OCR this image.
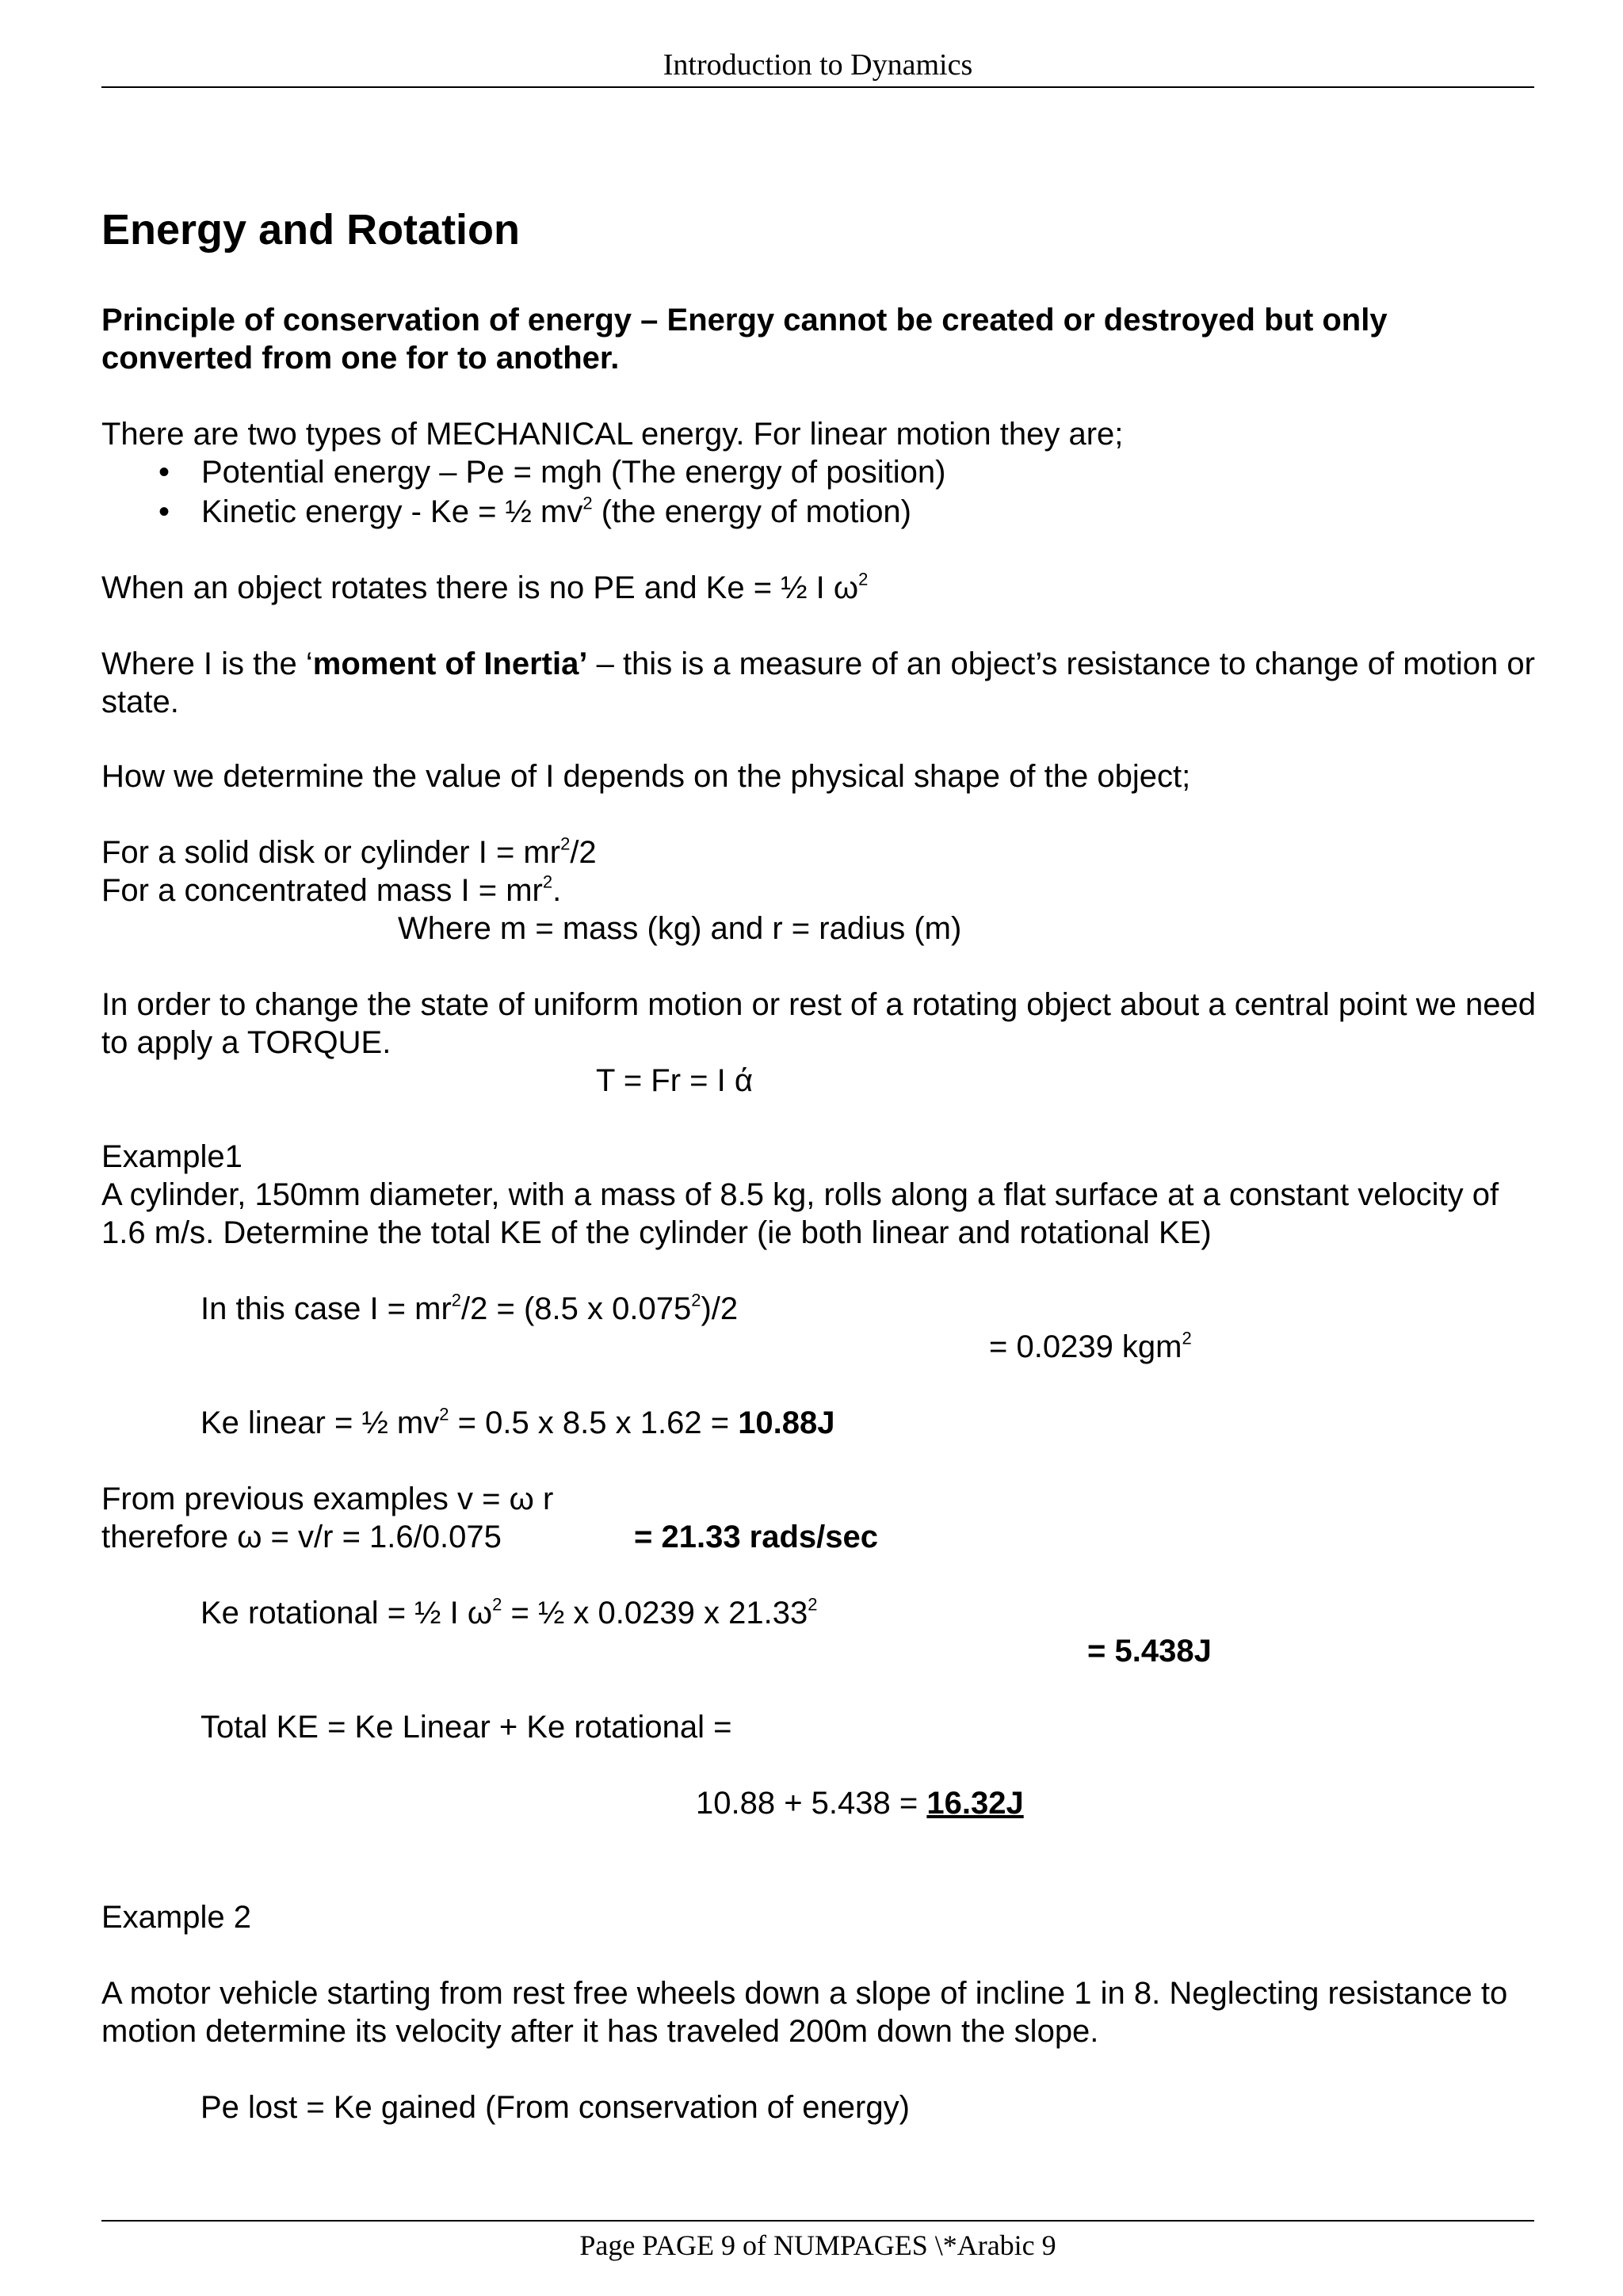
Introduction to Dynamics
Energy and Rotation
Principle of conservation of energy – Energy cannot be created or destroyed but only converted from one for to another.
There are two types of MECHANICAL energy. For linear motion they are;
• Potential energy – Pe = mgh (The energy of position)
• Kinetic energy - Ke = ½ $mv^2$ (the energy of motion)
When an object rotates there is no PE and Ke = ½ I $\omega^2$
Where I is the ‘moment of Inertia’ – this is a measure of an object’s resistance to change of motion or state.
How we determine the value of I depends on the physical shape of the object;
For a solid disk or cylinder $I = mr^2/2$
For a concentrated mass $I = mr^2$.
Where m = mass (kg) and r = radius (m)
In order to change the state of uniform motion or rest of a rotating object about a central point we need to apply a TORQUE.
T = Fr = I ά
Example1
A cylinder, 150mm diameter, with a mass of 8.5 kg, rolls along a flat surface at a constant velocity of 1.6 m/s. Determine the total KE of the cylinder (ie both linear and rotational KE)
In this case $I = mr^2/2 = (8.5$ x $0.075^2)/2$
= 0.0239 kgm$^2$
Ke linear = ½ $mv^2 = 0.5$ x 8.5 x 1.62 = 10.88J
From previous examples v = ω r
therefore ω = v/r = 1.6/0.075	= 21.33 rads/sec
Ke rotational = ½ I $\omega^2$ = ½ x 0.0239 x $21.33^2$
= 5.438J
Total KE = Ke Linear + Ke rotational =
10.88 + 5.438 = 16.32J
Example 2
A motor vehicle starting from rest free wheels down a slope of incline 1 in 8. Neglecting resistance to motion determine its velocity after it has traveled 200m down the slope.
Pe lost = Ke gained (From conservation of energy)
Page PAGE 9 of NUMPAGES \*Arabic 9
